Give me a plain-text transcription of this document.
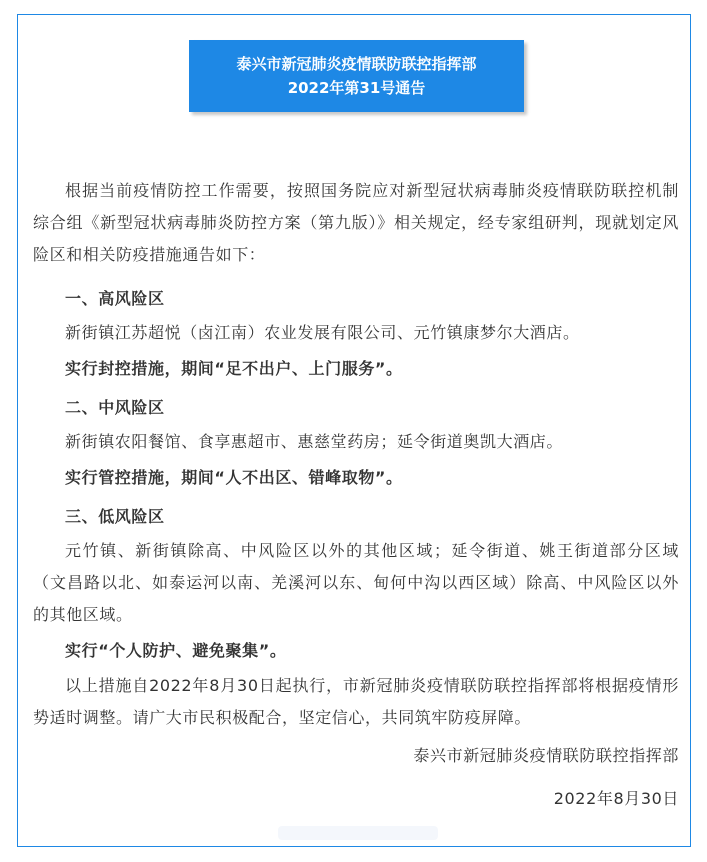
泰兴市新冠肺炎疫情联防联控指挥部
2022年第31号通告

根据当前疫情防控工作需要，按照国务院应对新型冠状病毒肺炎疫情联防联控机制综合组《新型冠状病毒肺炎防控方案（第九版）》相关规定，经专家组研判，现就划定风险区和相关防疫措施通告如下：

一、高风险区

新街镇江苏超悦（卤江南）农业发展有限公司、元竹镇康梦尔大酒店。

实行封控措施，期间“足不出户、上门服务”。

二、中风险区

新街镇农阳餐馆、食享惠超市、惠慈堂药房；延令街道奥凯大酒店。

实行管控措施，期间“人不出区、错峰取物”。

三、低风险区

元竹镇、新街镇除高、中风险区以外的其他区域；延令街道、姚王街道部分区域（文昌路以北、如泰运河以南、羌溪河以东、甸何中沟以西区域）除高、中风险区以外的其他区域。

实行“个人防护、避免聚集”。

以上措施自2022年8月30日起执行，市新冠肺炎疫情联防联控指挥部将根据疫情形势适时调整。请广大市民积极配合，坚定信心，共同筑牢防疫屏障。

泰兴市新冠肺炎疫情联防联控指挥部

2022年8月30日
